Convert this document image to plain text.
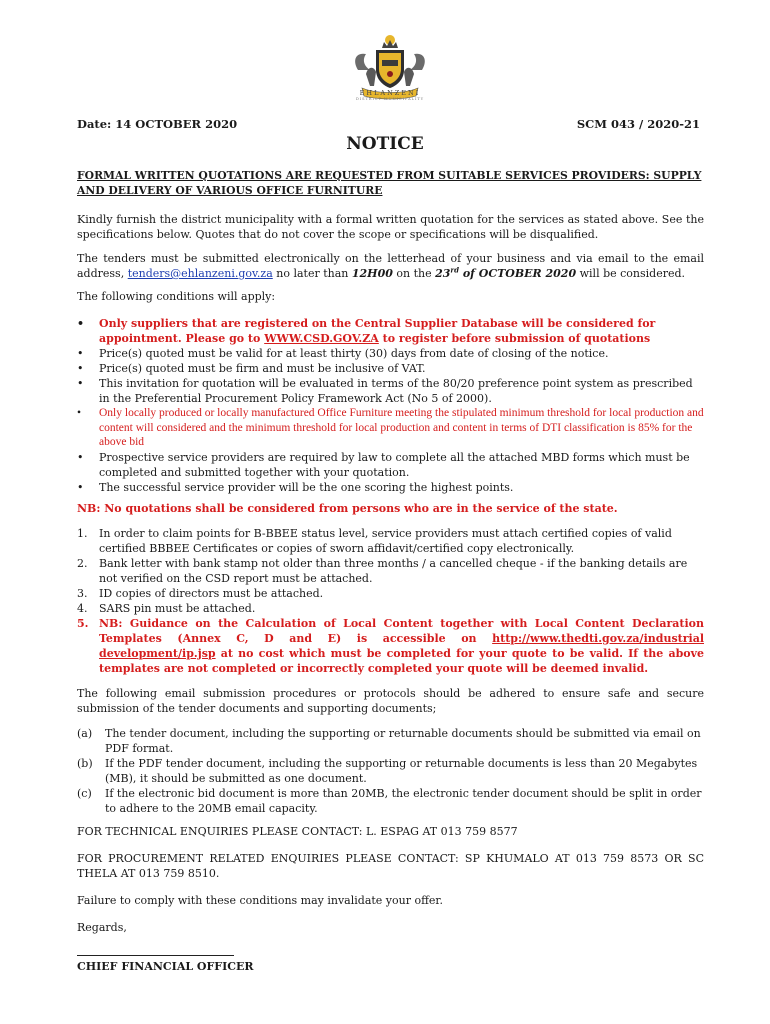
EHLANZENI
DISTRICT MUNICIPALITY
Date: 14 OCTOBER 2020	SCM 043 / 2020-21
NOTICE
FORMAL WRITTEN QUOTATIONS ARE REQUESTED FROM SUITABLE SERVICES PROVIDERS: SUPPLY AND DELIVERY OF VARIOUS OFFICE FURNITURE

Kindly furnish the district municipality with a formal written quotation for the services as stated above. See the specifications below. Quotes that do not cover the scope or specifications will be disqualified.

The tenders must be submitted electronically on the letterhead of your business and via email to the email address, tenders@ehlanzeni.gov.za no later than 12H00 on the 23rd of OCTOBER 2020 will be considered.

The following conditions will apply:

• Only suppliers that are registered on the Central Supplier Database will be considered for appointment. Please go to WWW.CSD.GOV.ZA to register before submission of quotations
• Price(s) quoted must be valid for at least thirty (30) days from date of closing of the notice.
• Price(s) quoted must be firm and must be inclusive of VAT.
• This invitation for quotation will be evaluated in terms of the 80/20 preference point system as prescribed in the Preferential Procurement Policy Framework Act (No 5 of 2000).
• Only locally produced or locally manufactured Office Furniture meeting the stipulated minimum threshold for local production and content will considered and the minimum threshold for local production and content in terms of DTI classification is 85% for the above bid
• Prospective service providers are required by law to complete all the attached MBD forms which must be completed and submitted together with your quotation.
• The successful service provider will be the one scoring the highest points.
NB: No quotations shall be considered from persons who are in the service of the state.
1. In order to claim points for B-BBEE status level, service providers must attach certified copies of valid certified BBBEE Certificates or copies of sworn affidavit/certified copy electronically.
2. Bank letter with bank stamp not older than three months / a cancelled cheque - if the banking details are not verified on the CSD report must be attached.
3. ID copies of directors must be attached.
4. SARS pin must be attached.
5. NB: Guidance on the Calculation of Local Content together with Local Content Declaration Templates (Annex C, D and E) is accessible on http://www.thedti.gov.za/industrial development/ip.jsp at no cost which must be completed for your quote to be valid. If the above templates are not completed or incorrectly completed your quote will be deemed invalid.

The following email submission procedures or protocols should be adhered to ensure safe and secure submission of the tender documents and supporting documents;

(a) The tender document, including the supporting or returnable documents should be submitted via email on PDF format.
(b) If the PDF tender document, including the supporting or returnable documents is less than 20 Megabytes (MB), it should be submitted as one document.
(c) If the electronic bid document is more than 20MB, the electronic tender document should be split in order to adhere to the 20MB email capacity.

FOR TECHNICAL ENQUIRIES PLEASE CONTACT: L. ESPAG AT 013 759 8577

FOR PROCUREMENT RELATED ENQUIRIES PLEASE CONTACT: SP KHUMALO AT 013 759 8573 OR SC THELA AT 013 759 8510.

Failure to comply with these conditions may invalidate your offer.

Regards,

CHIEF FINANCIAL OFFICER
